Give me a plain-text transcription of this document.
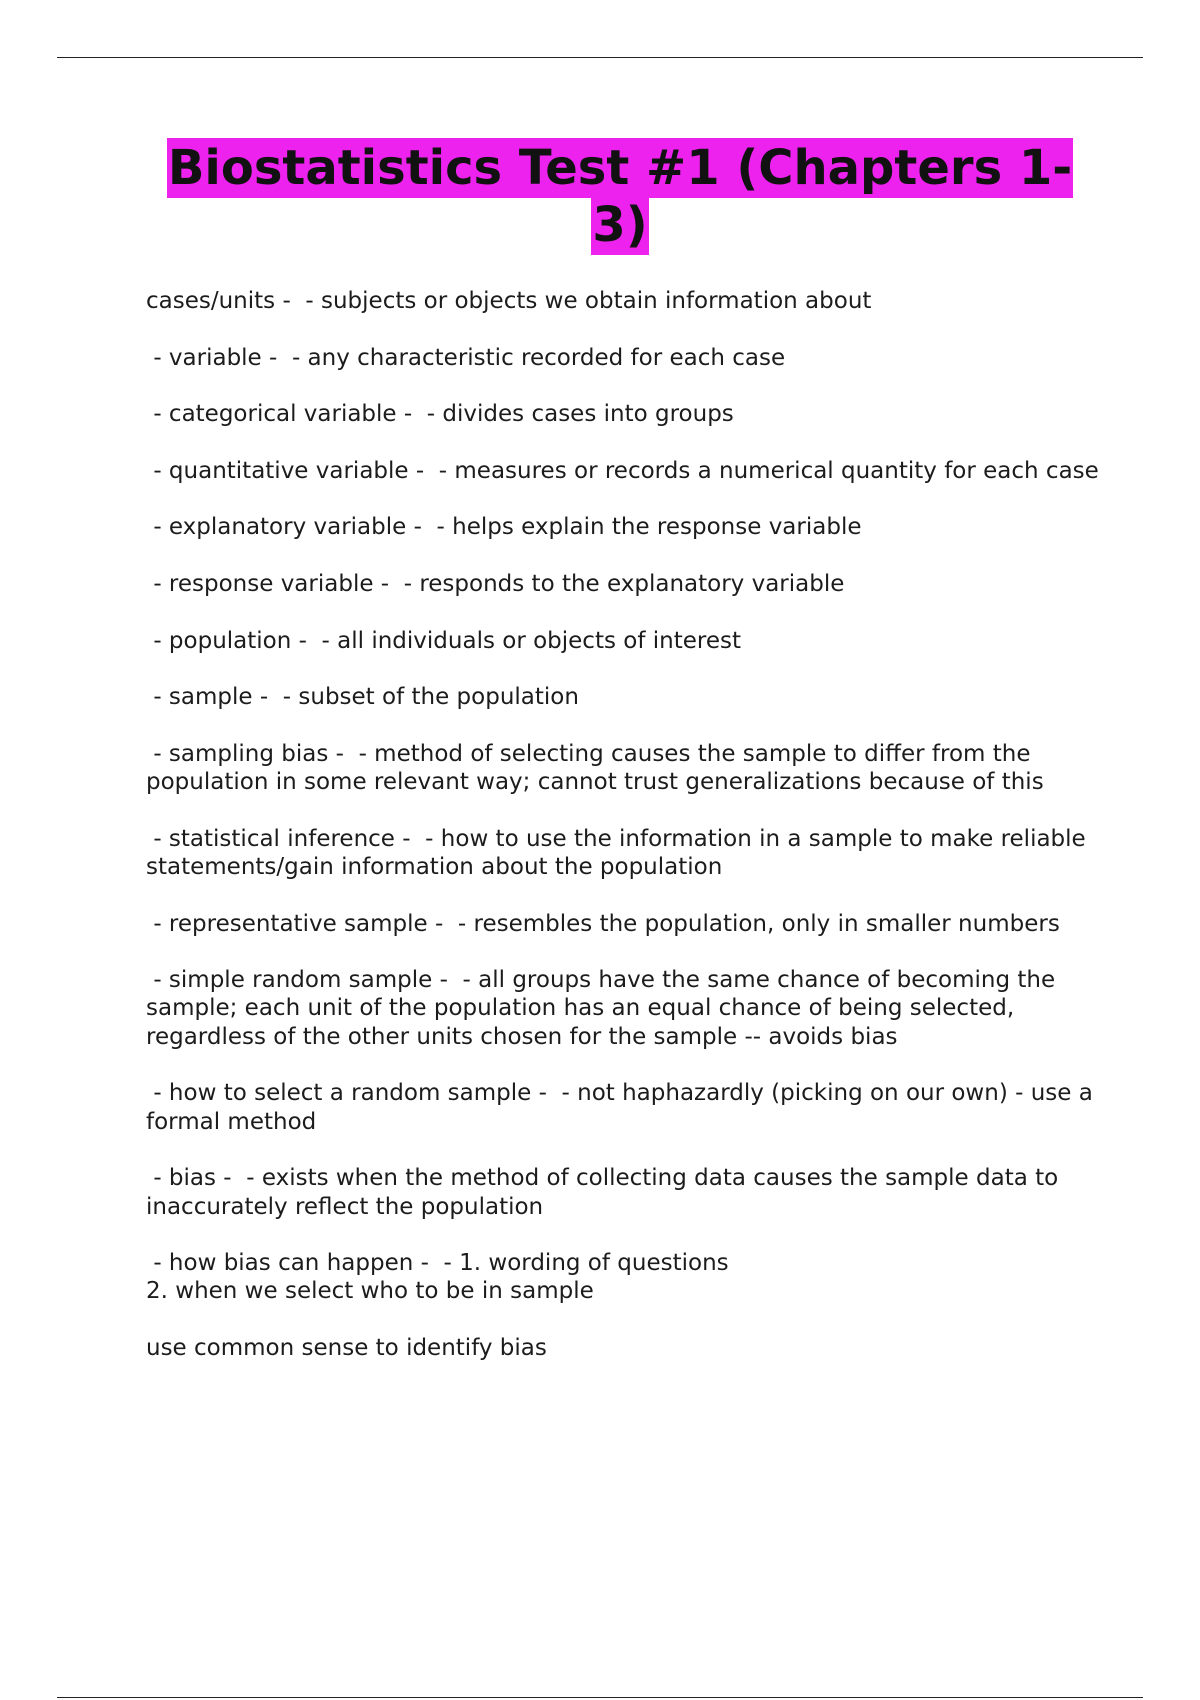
Biostatistics Test #1 (Chapters 1-3)
cases/units -  - subjects or objects we obtain information about
- variable -  - any characteristic recorded for each case
- categorical variable -  - divides cases into groups
- quantitative variable -  - measures or records a numerical quantity for each case
- explanatory variable -  - helps explain the response variable
- response variable -  - responds to the explanatory variable
- population -  - all individuals or objects of interest
- sample -  - subset of the population
- sampling bias -  - method of selecting causes the sample to differ from the population in some relevant way; cannot trust generalizations because of this
- statistical inference -  - how to use the information in a sample to make reliable statements/gain information about the population
- representative sample -  - resembles the population, only in smaller numbers
- simple random sample -  - all groups have the same chance of becoming the sample; each unit of the population has an equal chance of being selected, regardless of the other units chosen for the sample -- avoids bias
- how to select a random sample -  - not haphazardly (picking on our own) - use a formal method
- bias -  - exists when the method of collecting data causes the sample data to inaccurately reflect the population
- how bias can happen -  - 1. wording of questions
2. when we select who to be in sample
use common sense to identify bias
